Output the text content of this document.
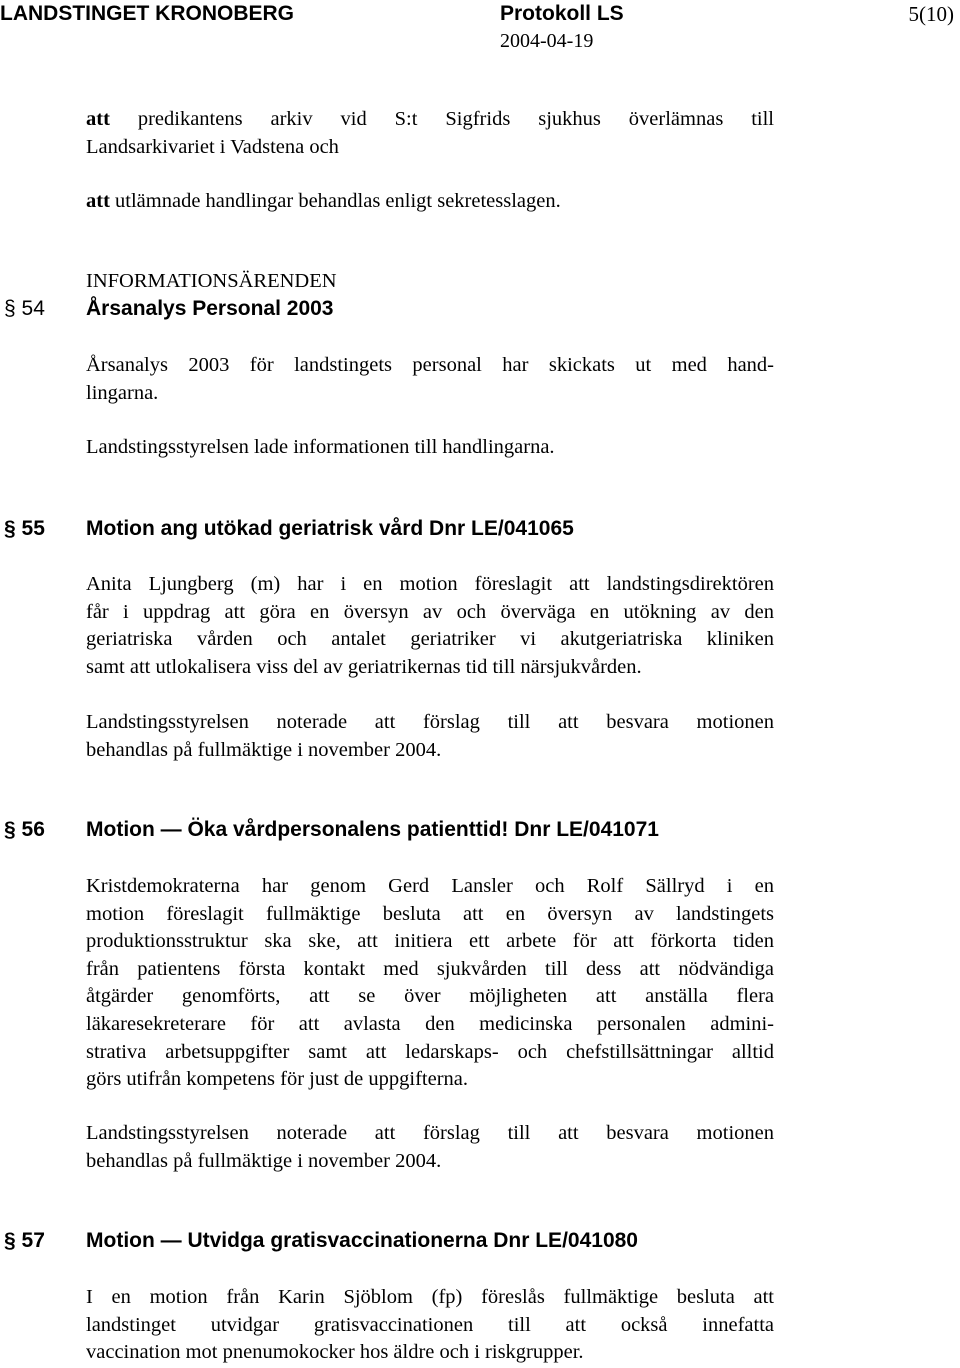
LANDSTINGET KRONOBERG	Protokoll LS	5(10)
2004-04-19
att predikantens arkiv vid S:t Sigfrids sjukhus överlämnas till
Landsarkivariet i Vadstena och
att utlämnade handlingar behandlas enligt sekretesslagen.
INFORMATIONSÄRENDEN
§ 54 Årsanalys Personal 2003
Årsanalys 2003 för landstingets personal har skickats ut med hand-
lingarna.
Landstingsstyrelsen lade informationen till handlingarna.
§ 55 Motion ang utökad geriatrisk vård Dnr LE/041065
Anita Ljungberg (m) har i en motion föreslagit att landstingsdirektören
får i uppdrag att göra en översyn av och överväga en utökning av den
geriatriska vården och antalet geriatriker vi akutgeriatriska kliniken
samt att utlokalisera viss del av geriatrikernas tid till närsjukvården.
Landstingsstyrelsen noterade att förslag till att besvara motionen
behandlas på fullmäktige i november 2004.
§ 56 Motion — Öka vårdpersonalens patienttid! Dnr LE/041071
Kristdemokraterna har genom Gerd Lansler och Rolf Sällryd i en
motion föreslagit fullmäktige besluta att en översyn av landstingets
produktionsstruktur ska ske, att initiera ett arbete för att förkorta tiden
från patientens första kontakt med sjukvården till dess att nödvändiga
åtgärder genomförts, att se över möjligheten att anställa flera
läkaresekreterare för att avlasta den medicinska personalen admini-
strativa arbetsuppgifter samt att ledarskaps- och chefstillsättningar alltid
görs utifrån kompetens för just de uppgifterna.
Landstingsstyrelsen noterade att förslag till att besvara motionen
behandlas på fullmäktige i november 2004.
§ 57 Motion — Utvidga gratisvaccinationerna Dnr LE/041080
I en motion från Karin Sjöblom (fp) föreslås fullmäktige besluta att
landstinget utvidgar gratisvaccinationen till att också innefatta
vaccination mot pnenumokocker hos äldre och i riskgrupper.
